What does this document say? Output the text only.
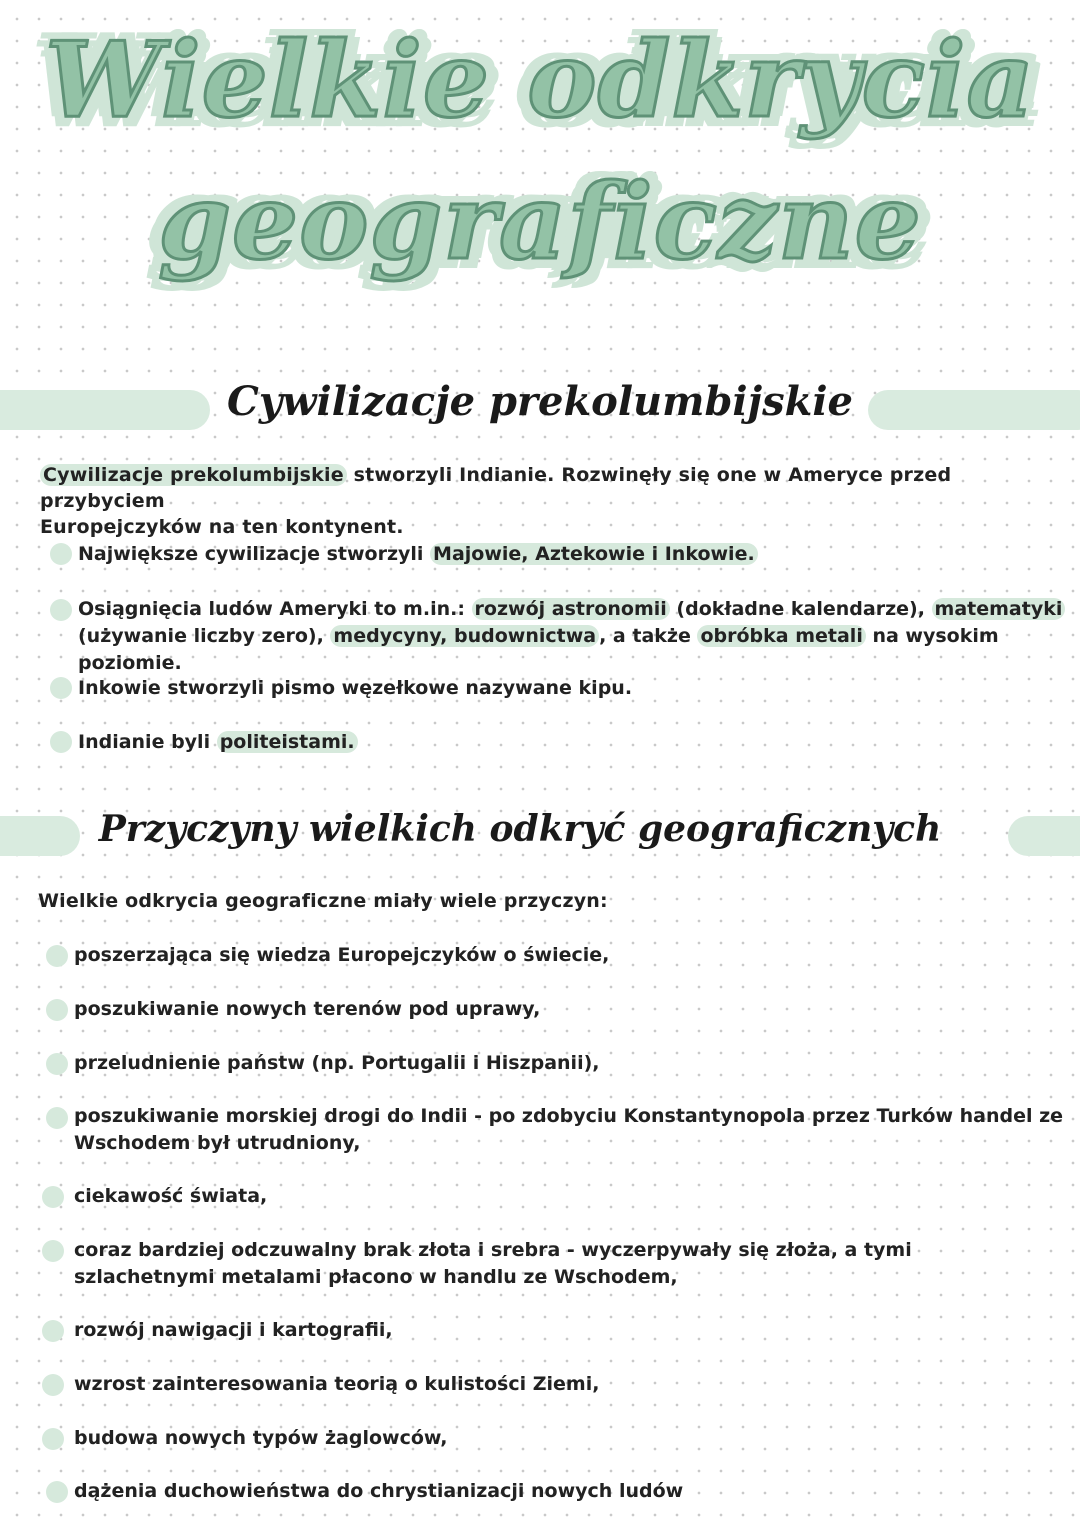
Wielkie odkrycia
geograficzne
Cywilizacje prekolumbijskie
Cywilizacje prekolumbijskie stworzyli Indianie. Rozwinęły się one w Ameryce przed przybyciem
Europejczyków na ten kontynent.
Największe cywilizacje stworzyli Majowie, Aztekowie i Inkowie.
Osiągnięcia ludów Ameryki to m.in.: rozwój astronomii (dokładne kalendarze), matematyki
(używanie liczby zero), medycyny, budownictwa , a także obróbka metali na wysokim poziomie.
Inkowie stworzyli pismo węzełkowe nazywane kipu.
Indianie byli politeistami.
Przyczyny wielkich odkryć geograficznych
Wielkie odkrycia geograficzne miały wiele przyczyn:
poszerzająca się wiedza Europejczyków o świecie,
poszukiwanie nowych terenów pod uprawy,
przeludnienie państw (np. Portugalii i Hiszpanii),
poszukiwanie morskiej drogi do Indii - po zdobyciu Konstantynopola przez Turków handel ze
Wschodem był utrudniony,
ciekawość świata,
coraz bardziej odczuwalny brak złota i srebra - wyczerpywały się złoża, a tymi
szlachetnymi metalami płacono w handlu ze Wschodem,
rozwój nawigacji i kartografii,
wzrost zainteresowania teorią o kulistości Ziemi,
budowa nowych typów żaglowców,
dążenia duchowieństwa do chrystianizacji nowych ludów
